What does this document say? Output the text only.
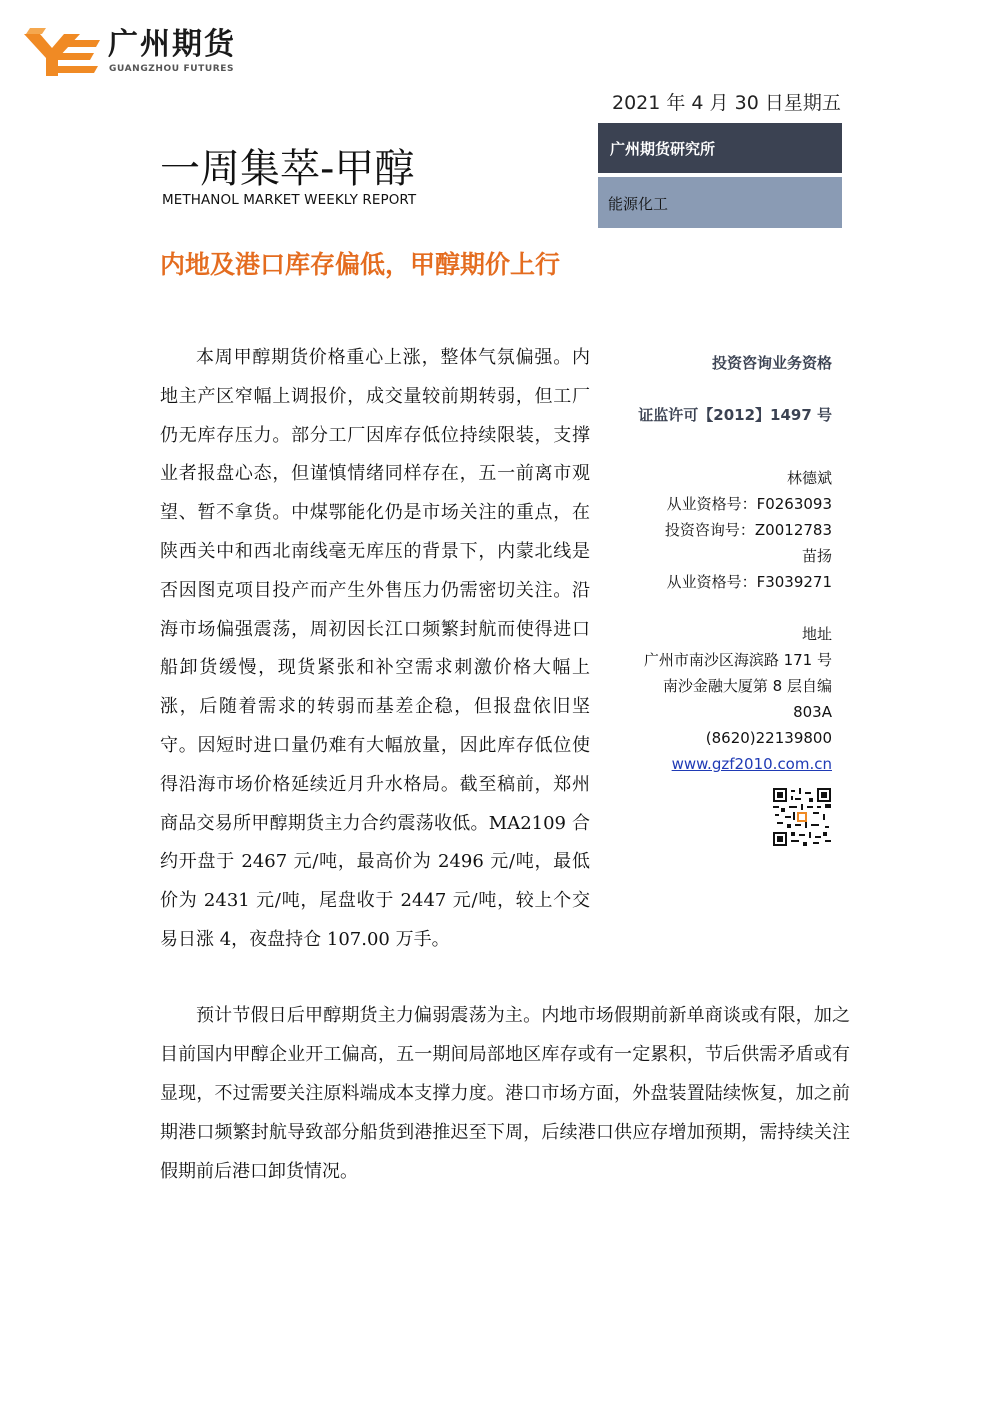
广州期货
GUANGZHOU FUTURES
2021 年 4 月 30 日星期五
广州期货研究所
能源化工
一周集萃-甲醇
METHANOL MARKET WEEKLY REPORT
内地及港口库存偏低，甲醇期价上行

本周甲醇期货价格重心上涨，整体气氛偏强。内地主产区窄幅上调报价，成交量较前期转弱，但工厂仍无库存压力。部分工厂因库存低位持续限装，支撑业者报盘心态，但谨慎情绪同样存在，五一前离市观望、暂不拿货。中煤鄂能化仍是市场关注的重点，在陕西关中和西北南线毫无库压的背景下，内蒙北线是否因图克项目投产而产生外售压力仍需密切关注。沿海市场偏强震荡，周初因长江口频繁封航而使得进口船卸货缓慢，现货紧张和补空需求刺激价格大幅上涨，后随着需求的转弱而基差企稳，但报盘依旧坚守。因短时进口量仍难有大幅放量，因此库存低位使得沿海市场价格延续近月升水格局。截至稿前，郑州商品交易所甲醇期货主力合约震荡收低。MA2109 合约开盘于 2467 元/吨，最高价为 2496 元/吨，最低价为 2431 元/吨，尾盘收于 2447 元/吨，较上个交易日涨 4，夜盘持仓 107.00 万手。

预计节假日后甲醇期货主力偏弱震荡为主。内地市场假期前新单商谈或有限，加之目前国内甲醇企业开工偏高，五一期间局部地区库存或有一定累积，节后供需矛盾或有显现，不过需要关注原料端成本支撑力度。港口市场方面，外盘装置陆续恢复，加之前期港口频繁封航导致部分船货到港推迟至下周，后续港口供应存增加预期，需持续关注假期前后港口卸货情况。

投资咨询业务资格
证监许可【2012】1497 号
林德斌
从业资格号：F0263093
投资咨询号：Z0012783
苗扬
从业资格号：F3039271
地址
广州市南沙区海滨路 171 号
南沙金融大厦第 8 层自编
803A
(8620)22139800
www.gzf2010.com.cn
